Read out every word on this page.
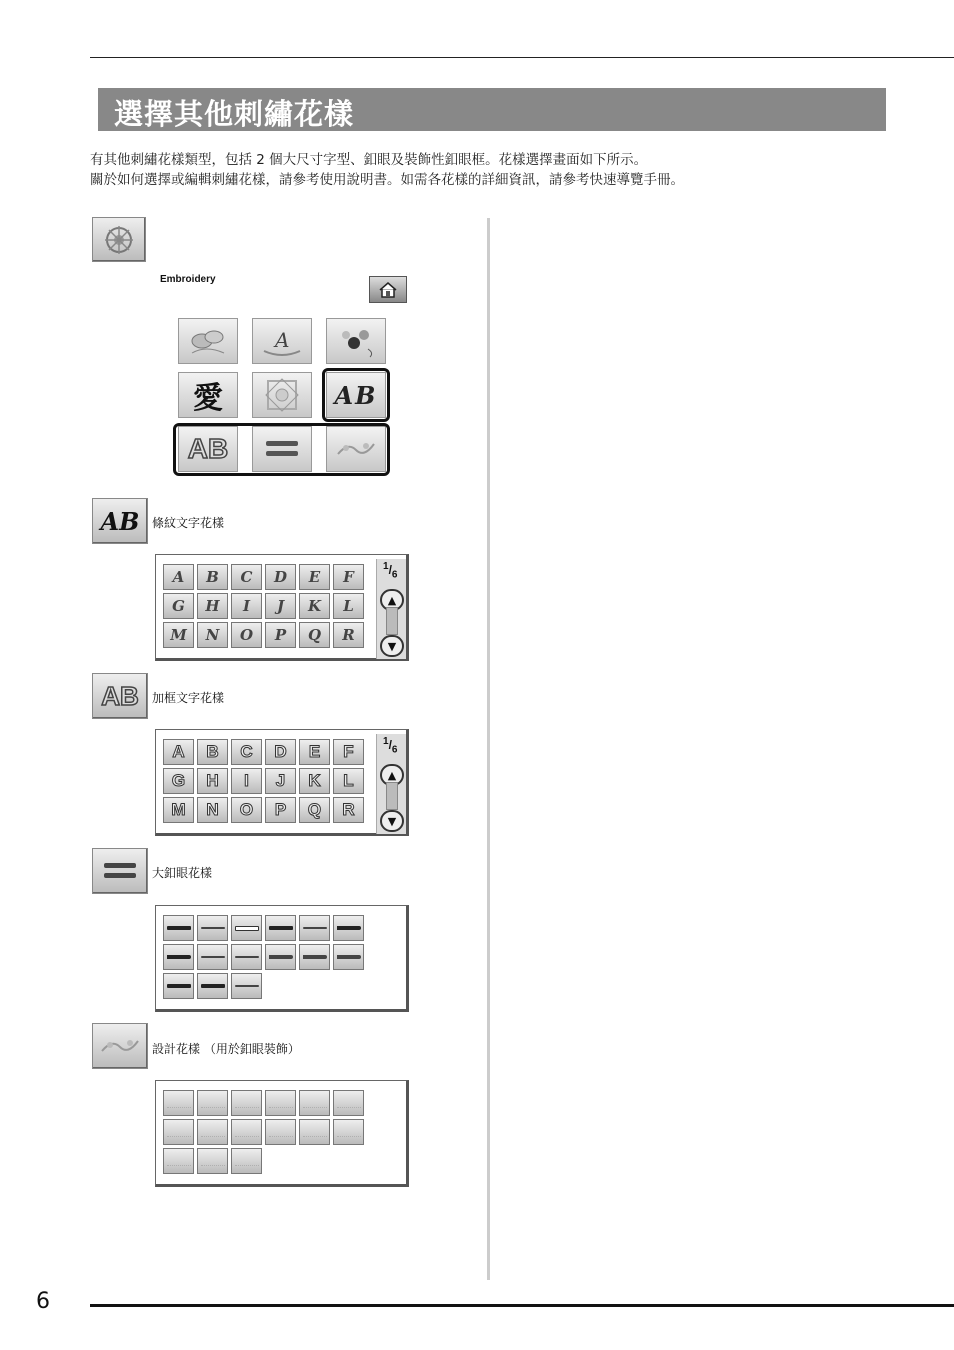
選擇其他刺繡花樣
有其他刺繡花樣類型，包括 2 個大尺寸字型、釦眼及裝飾性釦眼框。花樣選擇畫面如下所示。
關於如何選擇或編輯刺繡花樣，請參考使用說明書。如需各花樣的詳細資訊，請參考快速導覽手冊。
Embroidery
A
愛	AB
AB
AB 條紋文字花樣
A	B	C	D	E	F
G	H	I	J	K	L
M	N	O	P	Q	R
$^1/_6$
▲
▼
AB 加框文字花樣
A	B	C	D	E	F
G	H	I	J	K	L
M	N	O	P	Q	R
$^1/_6$
▲
▼
大釦眼花樣
設計花樣 （用於釦眼裝飾）
6
